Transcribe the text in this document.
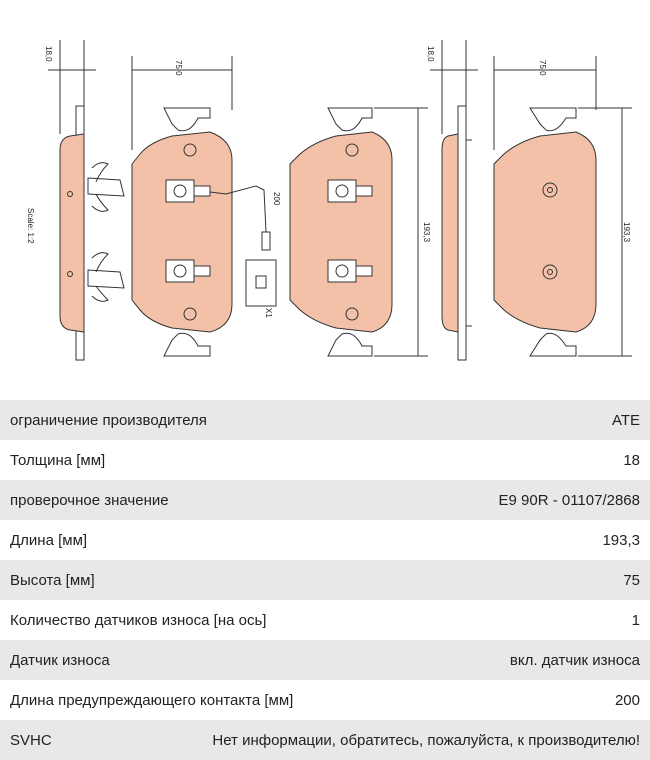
18,0
75,0
18,0
75,0
193,3	193,3
200
X1
Scale: 1:2
ограничение производителя	ATE
Толщина [мм]	18
проверочное значение	E9 90R - 01107/2868
Длина [мм]	193,3
Высота [мм]	75
Количество датчиков износа [на ось]	1
Датчик износа	вкл. датчик износа
Длина предупреждающего контакта [мм]	200
SVHC	Нет информации, обратитесь, пожалуйста, к производителю!
